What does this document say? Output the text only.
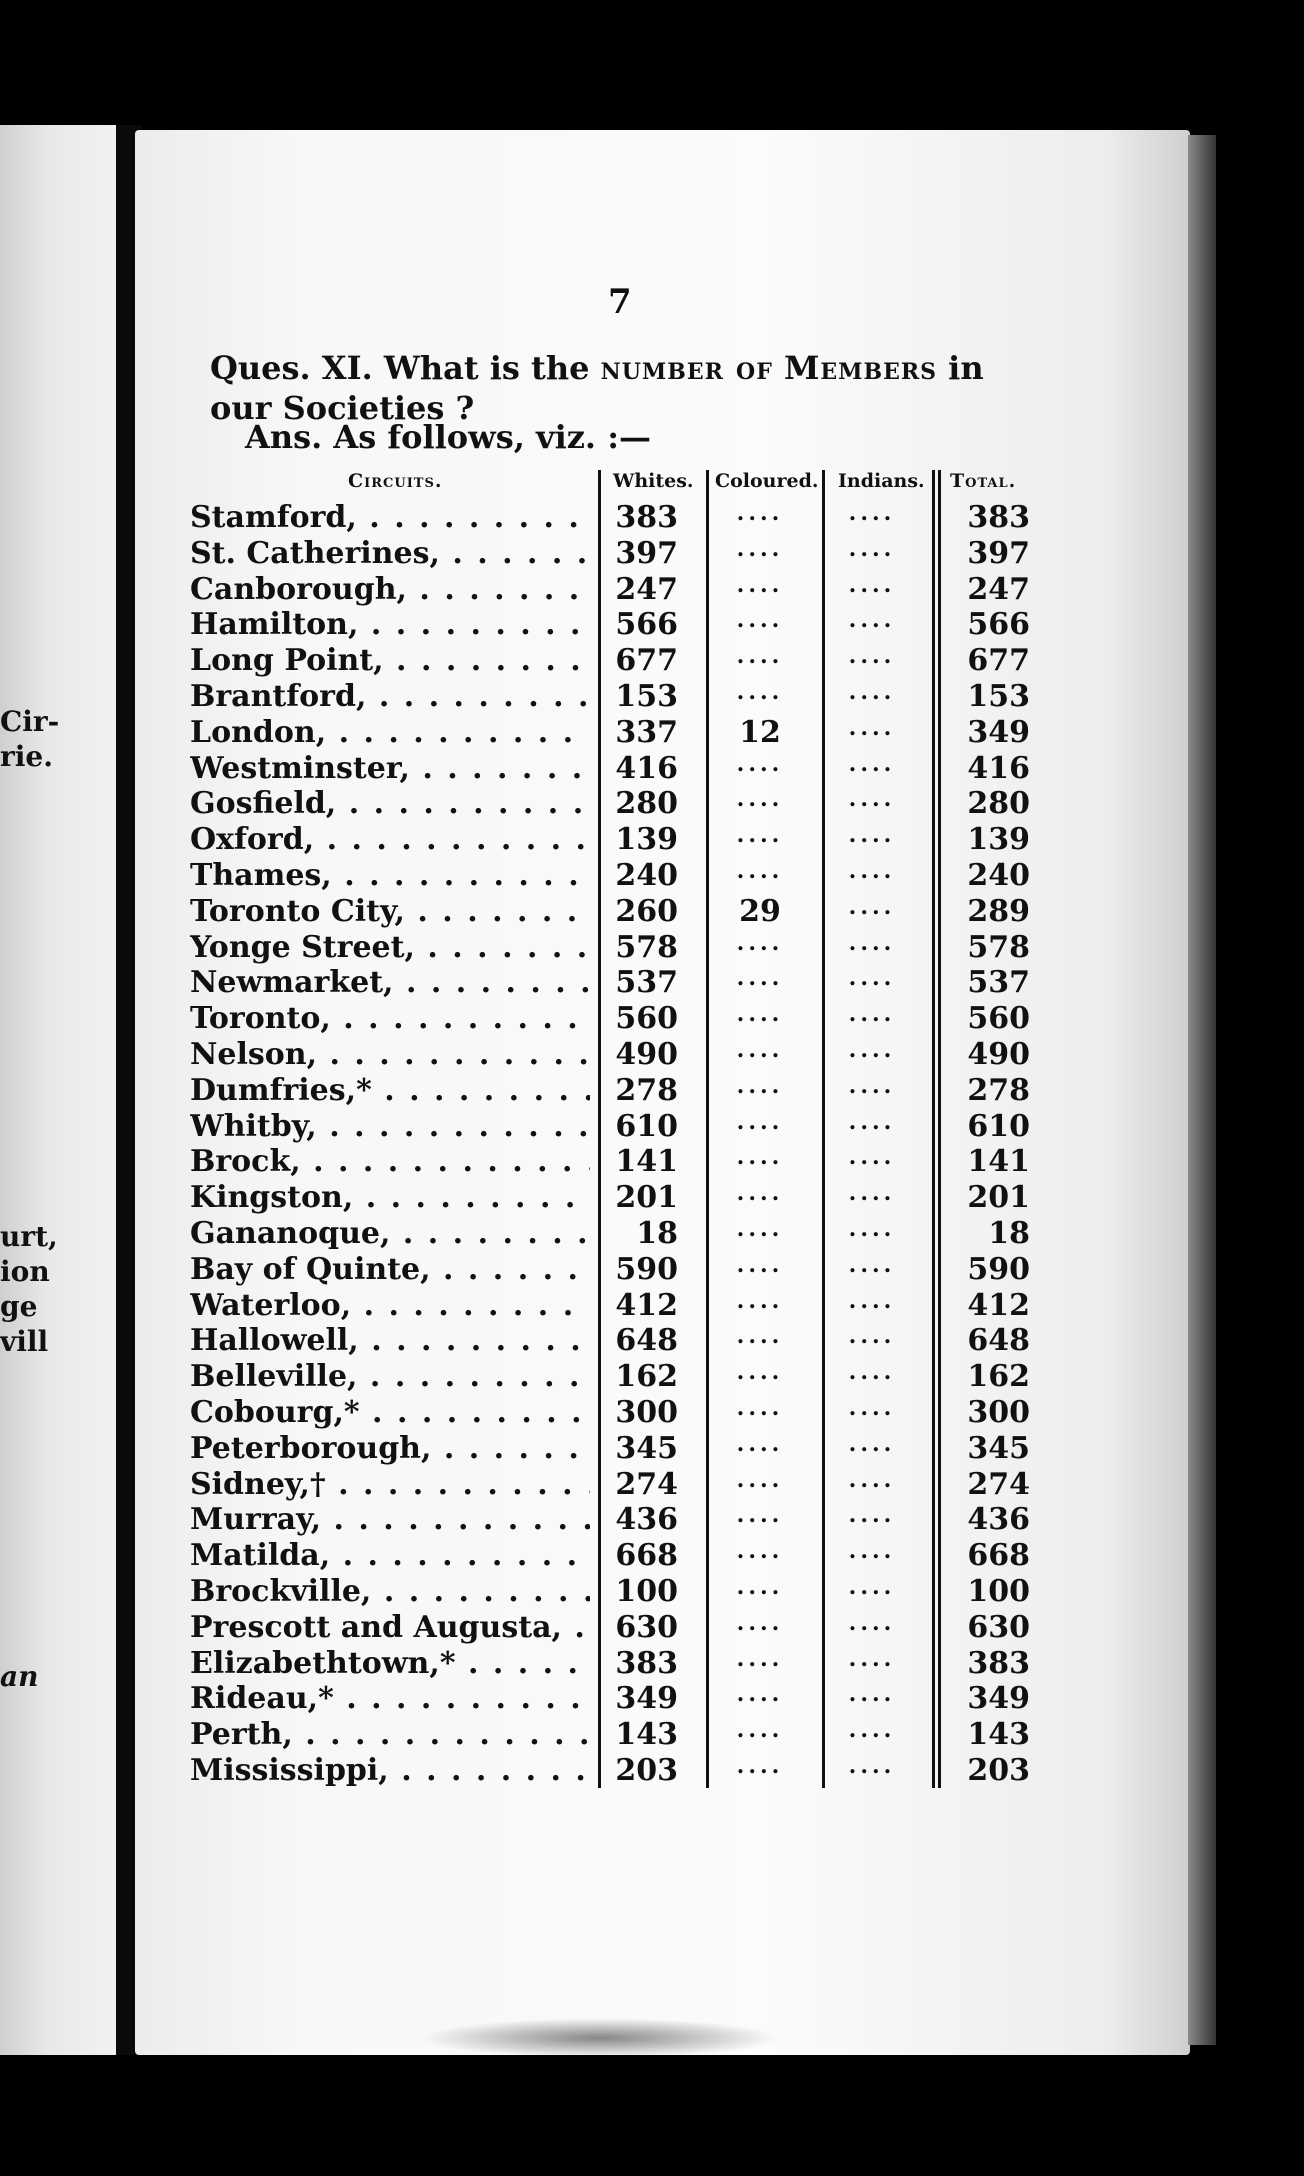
Cir-
rie.
urt,
ion
ge
vill
an
7
Ques. XI. What is the number of Members in our Societies ?
Ans. As follows, viz. :—
Circuits.	Whites. Coloured. Indians. Total.
Stamford, . . .	383	....	....	383
St. Catherines, . . .	397	....	....	397
Canborough, . . .	247	....	....	247
Hamilton, . . .	566	....	....	566
Long Point, . . .	677	....	....	677
Brantford, . . .	153	....	....	153
London, . . .	337	12	....	349
Westminster, . . .	416	....	....	416
Gosfield, . . .	280	....	....	280
Oxford, . . .	139	....	....	139
Thames, . . .	240	....	....	240
Toronto City, . . .	260	29	....	289
Yonge Street, . . .	578	....	....	578
Newmarket, . . .	537	....	....	537
Toronto, . . .	560	....	....	560
Nelson, . . .	490	....	....	490
Dumfries,* . . .	278	....	....	278
Whitby, . . .	610	....	....	610
Brock, . . .	141	....	....	141
Kingston, . . .	201	....	....	201
Gananoque, . . .	18	....	....	18
Bay of Quinte, . . .	590	....	....	590
Waterloo, . . .	412	....	....	412
Hallowell, . . .	648	....	....	648
Belleville, . . .	162	....	....	162
Cobourg,* . . .	300	....	....	300
Peterborough, . . .	345	....	....	345
Sidney,† . . .	274	....	....	274
Murray, . . .	436	....	....	436
Matilda, . . .	668	....	....	668
Brockville, . . .	100	....	....	100
Prescott and Augusta, . . .	630	....	....	630
Elizabethtown,* . . .	383	....	....	383
Rideau,* . . .	349	....	....	349
Perth, . . .	143	....	....	143
Mississippi, . . .	203	....	....	203
